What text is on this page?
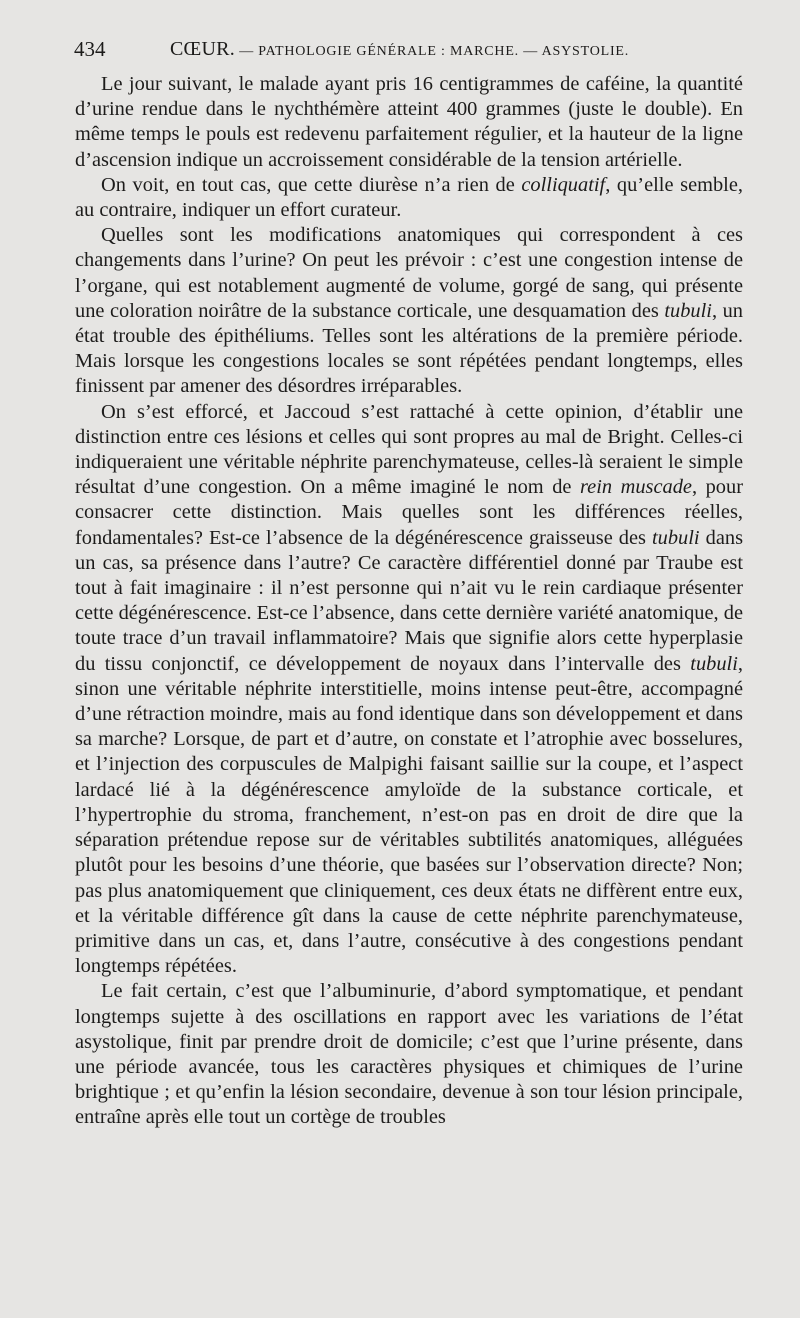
434	CŒUR. — PATHOLOGIE GÉNÉRALE : MARCHE. — ASYSTOLIE.

Le jour suivant, le malade ayant pris 16 centigrammes de caféine, la quantité d’urine rendue dans le nychthémère atteint 400 grammes (juste le double). En même temps le pouls est redevenu parfaitement régulier, et la hauteur de la ligne d’ascension indique un accroissement considérable de la tension artérielle.

On voit, en tout cas, que cette diurèse n’a rien de colliquatif, qu’elle semble, au contraire, indiquer un effort curateur.

Quelles sont les modifications anatomiques qui correspondent à ces changements dans l’urine? On peut les prévoir : c’est une congestion intense de l’organe, qui est notablement augmenté de volume, gorgé de sang, qui présente une coloration noirâtre de la substance corticale, une desquamation des tubuli, un état trouble des épithéliums. Telles sont les altérations de la première période. Mais lorsque les congestions locales se sont répétées pendant longtemps, elles finissent par amener des désordres irréparables.

On s’est efforcé, et Jaccoud s’est rattaché à cette opinion, d’établir une distinction entre ces lésions et celles qui sont propres au mal de Bright. Celles-ci indiqueraient une véritable néphrite parenchymateuse, celles-là seraient le simple résultat d’une congestion. On a même imaginé le nom de rein muscade, pour consacrer cette distinction. Mais quelles sont les différences réelles, fondamentales? Est-ce l’absence de la dégénérescence graisseuse des tubuli dans un cas, sa présence dans l’autre? Ce caractère différentiel donné par Traube est tout à fait imaginaire : il n’est personne qui n’ait vu le rein cardiaque présenter cette dégénérescence. Est-ce l’absence, dans cette dernière variété anatomique, de toute trace d’un travail inflammatoire? Mais que signifie alors cette hyperplasie du tissu conjonctif, ce développement de noyaux dans l’intervalle des tubuli, sinon une véritable néphrite interstitielle, moins intense peut-être, accompagné d’une rétraction moindre, mais au fond identique dans son développement et dans sa marche? Lorsque, de part et d’autre, on constate et l’atrophie avec bosselures, et l’injection des corpuscules de Malpighi faisant saillie sur la coupe, et l’aspect lardacé lié à la dégénérescence amyloïde de la substance corticale, et l’hypertrophie du stroma, franchement, n’est-on pas en droit de dire que la séparation prétendue repose sur de véritables subtilités anatomiques, alléguées plutôt pour les besoins d’une théorie, que basées sur l’observation directe? Non; pas plus anatomiquement que cliniquement, ces deux états ne diffèrent entre eux, et la véritable différence gît dans la cause de cette néphrite parenchymateuse, primitive dans un cas, et, dans l’autre, consécutive à des congestions pendant longtemps répétées.

Le fait certain, c’est que l’albuminurie, d’abord symptomatique, et pendant longtemps sujette à des oscillations en rapport avec les variations de l’état asystolique, finit par prendre droit de domicile; c’est que l’urine présente, dans une période avancée, tous les caractères physiques et chimiques de l’urine brightique ; et qu’enfin la lésion secondaire, devenue à son tour lésion principale, entraîne après elle tout un cortège de troubles
